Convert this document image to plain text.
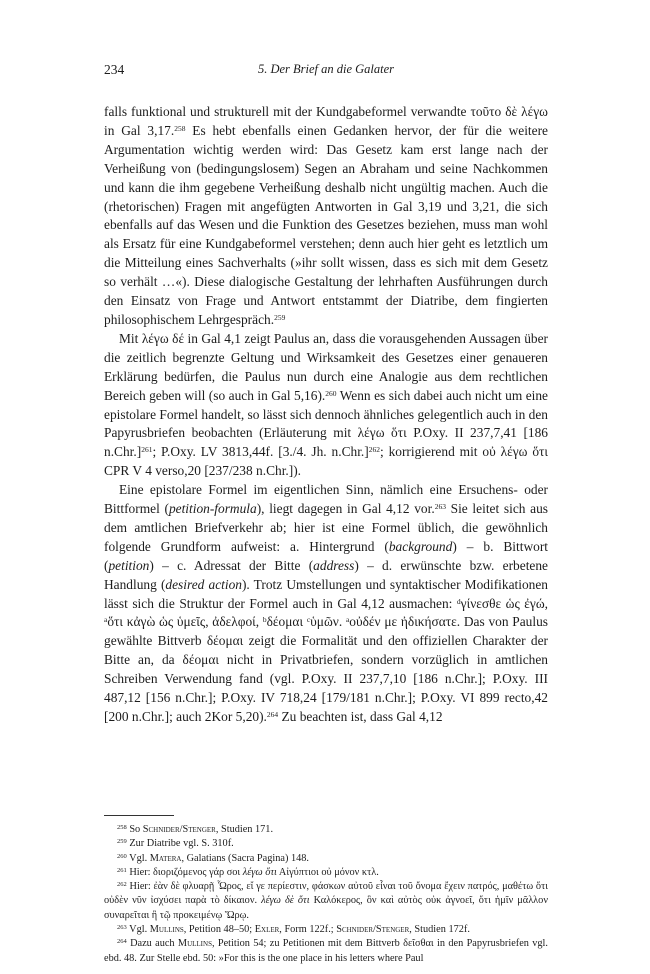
234	5. Der Brief an die Galater

falls funktional und strukturell mit der Kundgabeformel verwandte τοῦτο δὲ λέγω in Gal 3,17.$^{258}$ Es hebt ebenfalls einen Gedanken hervor, der für die weitere Argumentation wichtig werden wird: Das Gesetz kam erst lange nach der Verheißung von (bedingungslosem) Segen an Abraham und seine Nachkommen und kann die ihm gegebene Verheißung deshalb nicht ungültig machen. Auch die (rhetorischen) Fragen mit angefügten Antworten in Gal 3,19 und 3,21, die sich ebenfalls auf das Wesen und die Funktion des Gesetzes beziehen, muss man wohl als Ersatz für eine Kundgabeformel verstehen; denn auch hier geht es letztlich um die Mitteilung eines Sachverhalts (»ihr sollt wissen, dass es sich mit dem Gesetz so verhält …«). Diese dialogische Gestaltung der lehrhaften Ausführungen durch den Einsatz von Frage und Antwort entstammt der Diatribe, dem fingierten philosophischem Lehrgespräch.$^{259}$

Mit λέγω δέ in Gal 4,1 zeigt Paulus an, dass die vorausgehenden Aussagen über die zeitlich begrenzte Geltung und Wirksamkeit des Gesetzes einer genaueren Erklärung bedürfen, die Paulus nun durch eine Analogie aus dem rechtlichen Bereich geben will (so auch in Gal 5,16).$^{260}$ Wenn es sich dabei auch nicht um eine epistolare Formel handelt, so lässt sich dennoch ähnliches gelegentlich auch in den Papyrusbriefen beobachten (Erläuterung mit λέγω ὅτι P.Oxy. II 237,7,41 [186 n.Chr.]$^{261}$; P.Oxy. LV 3813,44f. [3./4. Jh. n.Chr.]$^{262}$; korrigierend mit οὐ λέγω ὅτι CPR V 4 verso,20 [237/238 n.Chr.]).

Eine epistolare Formel im eigentlichen Sinn, nämlich eine Ersuchens- oder Bittformel (petition-formula), liegt dagegen in Gal 4,12 vor.$^{263}$ Sie leitet sich aus dem amtlichen Briefverkehr ab; hier ist eine Formel üblich, die gewöhnlich folgende Grundform aufweist: a. Hintergrund (background) – b. Bittwort (petition) – c. Adressat der Bitte (address) – d. erwünschte bzw. erbetene Handlung (desired action). Trotz Umstellungen und syntaktischer Modifikationen lässt sich die Struktur der Formel auch in Gal 4,12 ausmachen: $^d$γίνεσθε ὡς ἐγώ, $^a$ὅτι κἀγὼ ὡς ὑμεῖς, ἀδελφοί, $^b$δέομαι $^c$ὑμῶν. $^a$οὐδέν με ἠδικήσατε. Das von Paulus gewählte Bittverb δέομαι zeigt die Formalität und den offiziellen Charakter der Bitte an, da δέομαι nicht in Privatbriefen, sondern vorzüglich in amtlichen Schreiben Verwendung fand (vgl. P.Oxy. II 237,7,10 [186 n.Chr.]; P.Oxy. III 487,12 [156 n.Chr.]; P.Oxy. IV 718,24 [179/181 n.Chr.]; P.Oxy. VI 899 recto,42 [200 n.Chr.]; auch 2Kor 5,20).$^{264}$ Zu beachten ist, dass Gal 4,12

$^{258}$ So Schnider/Stenger, Studien 171.

$^{259}$ Zur Diatribe vgl. S. 310f.

$^{260}$ Vgl. Matera, Galatians (Sacra Pagina) 148.

$^{261}$ Hier: διοριζόμενος γάρ σοι λέγω ὅτι Αἰγύπτιοι οὐ μόνον κτλ.

$^{262}$ Hier: ἐὰν δὲ φλυαρῇ Ὧρος, εἴ γε περίεστιν, φάσκων αὐτοῦ εἶναι τοῦ ὄνομα ἔχειν πατρός, μαθέτω ὅτι οὐδὲν νῦν ἰσχύσει παρὰ τὸ δίκαιον. λέγω δὲ ὅτι Καλόκερος, ὃν καὶ αὐτὸς οὐκ ἀγνοεῖ, ὅτι ἡμῖν μᾶλλον συναρεῖται ἢ τῷ προκειμένῳ Ὥρῳ.

$^{263}$ Vgl. Mullins, Petition 48–50; Exler, Form 122f.; Schnider/Stenger, Studien 172f.

$^{264}$ Dazu auch Mullins, Petition 54; zu Petitionen mit dem Bittverb δεῖσθαι in den Papyrusbriefen vgl. ebd. 48. Zur Stelle ebd. 50: »For this is the one place in his letters where Paul
